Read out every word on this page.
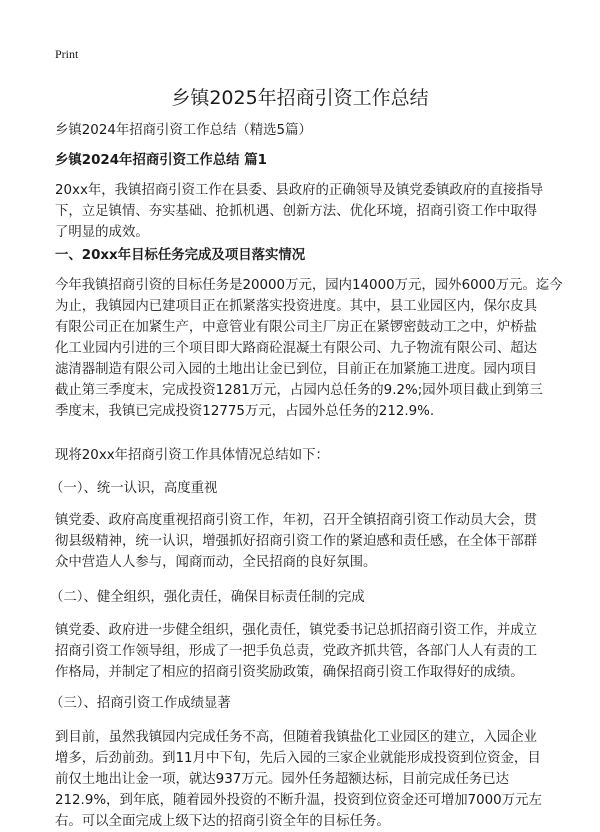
Print
乡镇2025年招商引资工作总结
乡镇2024年招商引资工作总结（精选5篇）
乡镇2024年招商引资工作总结 篇1
20xx年，我镇招商引资工作在县委、县政府的正确领导及镇党委镇政府的直接指导
下，立足镇情、夯实基础、抢抓机遇、创新方法、优化环境，招商引资工作中取得
了明显的成效。
一、20xx年目标任务完成及项目落实情况
今年我镇招商引资的目标任务是20000万元，园内14000万元，园外6000万元。迄今
为止，我镇园内已建项目正在抓紧落实投资进度。其中，县工业园区内，保尔皮具
有限公司正在加紧生产，中意管业有限公司主厂房正在紧锣密鼓动工之中，炉桥盐
化工业园内引进的三个项目即大路商砼混凝土有限公司、九子物流有限公司、超达
滤清器制造有限公司入园的土地出让金已到位，目前正在加紧施工进度。园内项目
截止第三季度末，完成投资1281万元，占园内总任务的9.2%;园外项目截止到第三
季度末，我镇已完成投资12775万元，占园外总任务的212.9%.
现将20xx年招商引资工作具体情况总结如下：
（一）、统一认识，高度重视
镇党委、政府高度重视招商引资工作，年初，召开全镇招商引资工作动员大会，贯
彻县级精神，统一认识，增强抓好招商引资工作的紧迫感和责任感，在全体干部群
众中营造人人参与，闻商而动，全民招商的良好氛围。
（二）、健全组织，强化责任，确保目标责任制的完成
镇党委、政府进一步健全组织，强化责任，镇党委书记总抓招商引资工作，并成立
招商引资工作领导组，形成了一把手负总责，党政齐抓共管，各部门人人有责的工
作格局，并制定了相应的招商引资奖励政策，确保招商引资工作取得好的成绩。
（三）、招商引资工作成绩显著
到目前，虽然我镇园内完成任务不高，但随着我镇盐化工业园区的建立，入园企业
增多，后劲前劲。到11月中下旬，先后入园的三家企业就能形成投资到位资金，目
前仅土地出让金一项，就达937万元。园外任务超额达标，目前完成任务已达
212.9%，到年底，随着园外投资的不断升温，投资到位资金还可增加7000万元左
右。可以全面完成上级下达的招商引资全年的目标任务。
